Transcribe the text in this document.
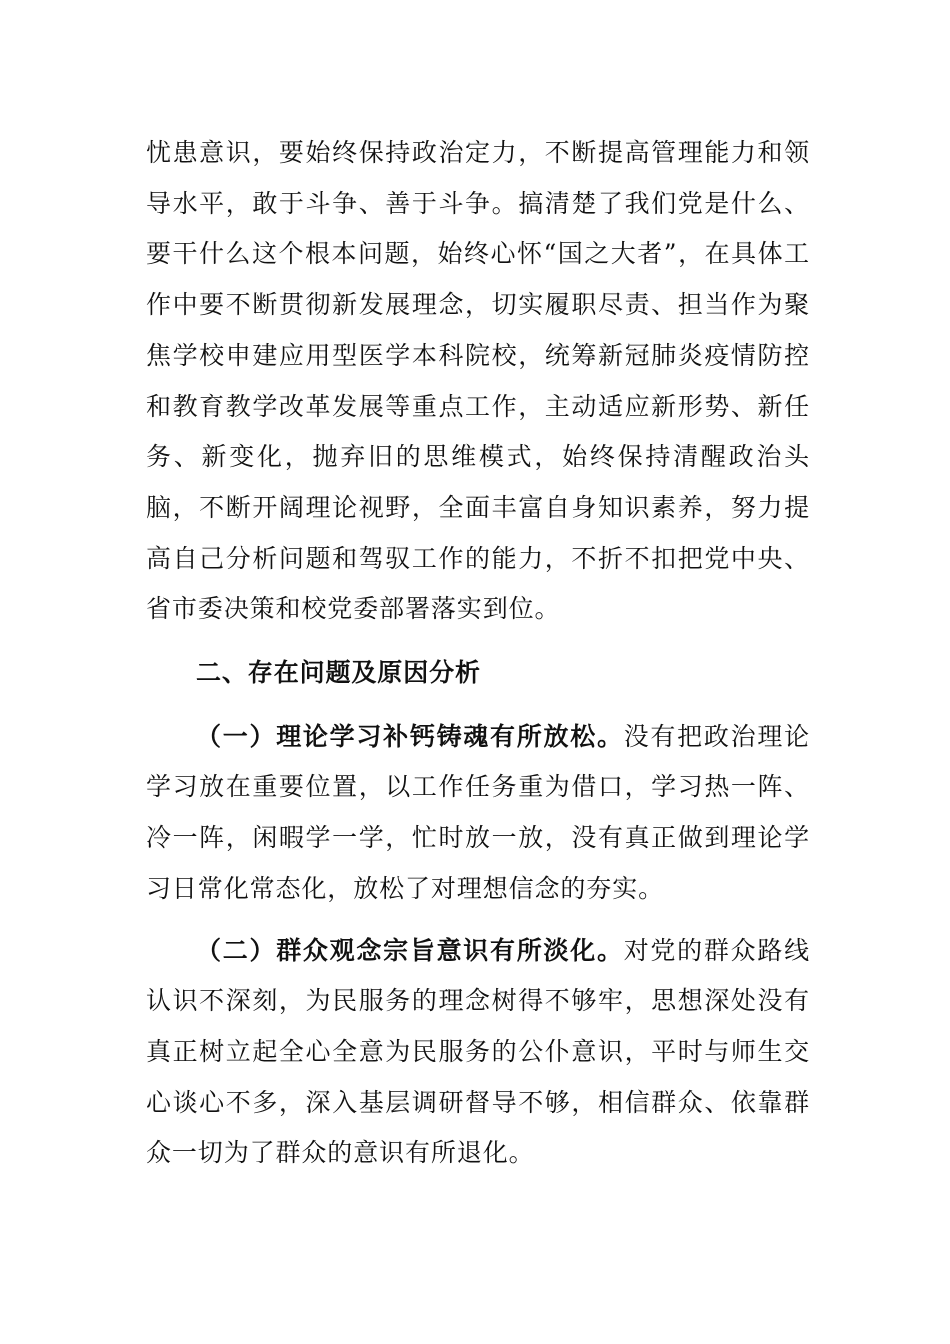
忧患意识，要始终保持政治定力，不断提高管理能力和领导水平，敢于斗争、善于斗争。搞清楚了我们党是什么、要干什么这个根本问题，始终心怀“国之大者”，在具体工作中要不断贯彻新发展理念，切实履职尽责、担当作为聚焦学校申建应用型医学本科院校，统筹新冠肺炎疫情防控和教育教学改革发展等重点工作，主动适应新形势、新任务、新变化，抛弃旧的思维模式，始终保持清醒政治头脑，不断开阔理论视野，全面丰富自身知识素养，努力提高自己分析问题和驾驭工作的能力，不折不扣把党中央、省市委决策和校党委部署落实到位。

二、存在问题及原因分析

（一）理论学习补钙铸魂有所放松。没有把政治理论学习放在重要位置，以工作任务重为借口，学习热一阵、冷一阵，闲暇学一学，忙时放一放，没有真正做到理论学习日常化常态化，放松了对理想信念的夯实。

（二）群众观念宗旨意识有所淡化。对党的群众路线认识不深刻，为民服务的理念树得不够牢，思想深处没有真正树立起全心全意为民服务的公仆意识，平时与师生交心谈心不多，深入基层调研督导不够，相信群众、依靠群众一切为了群众的意识有所退化。
